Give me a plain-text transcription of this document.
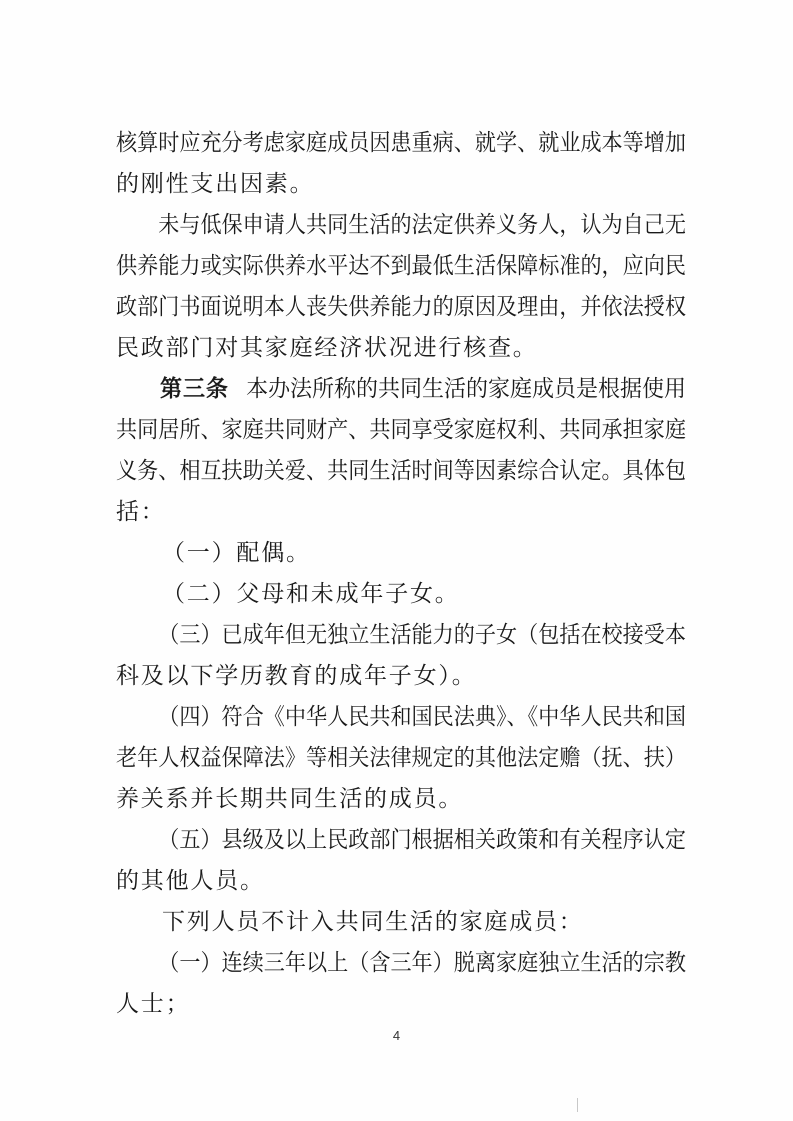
核算时应充分考虑家庭成员因患重病、就学、就业成本等增加
的刚性支出因素。
未与低保申请人共同生活的法定供养义务人，认为自己无
供养能力或实际供养水平达不到最低生活保障标准的，应向民
政部门书面说明本人丧失供养能力的原因及理由，并依法授权
民政部门对其家庭经济状况进行核查。
第三条 本办法所称的共同生活的家庭成员是根据使用
共同居所、家庭共同财产、共同享受家庭权利、共同承担家庭
义务、相互扶助关爱、共同生活时间等因素综合认定。具体包
括：
（一）配偶。
（二）父母和未成年子女。
（三）已成年但无独立生活能力的子女（包括在校接受本
科及以下学历教育的成年子女）。
（四）符合《中华人民共和国民法典》、《中华人民共和国
老年人权益保障法》等相关法律规定的其他法定赡（抚、扶）
养关系并长期共同生活的成员。
（五）县级及以上民政部门根据相关政策和有关程序认定
的其他人员。
下列人员不计入共同生活的家庭成员：
（一）连续三年以上（含三年）脱离家庭独立生活的宗教
人士；
4
